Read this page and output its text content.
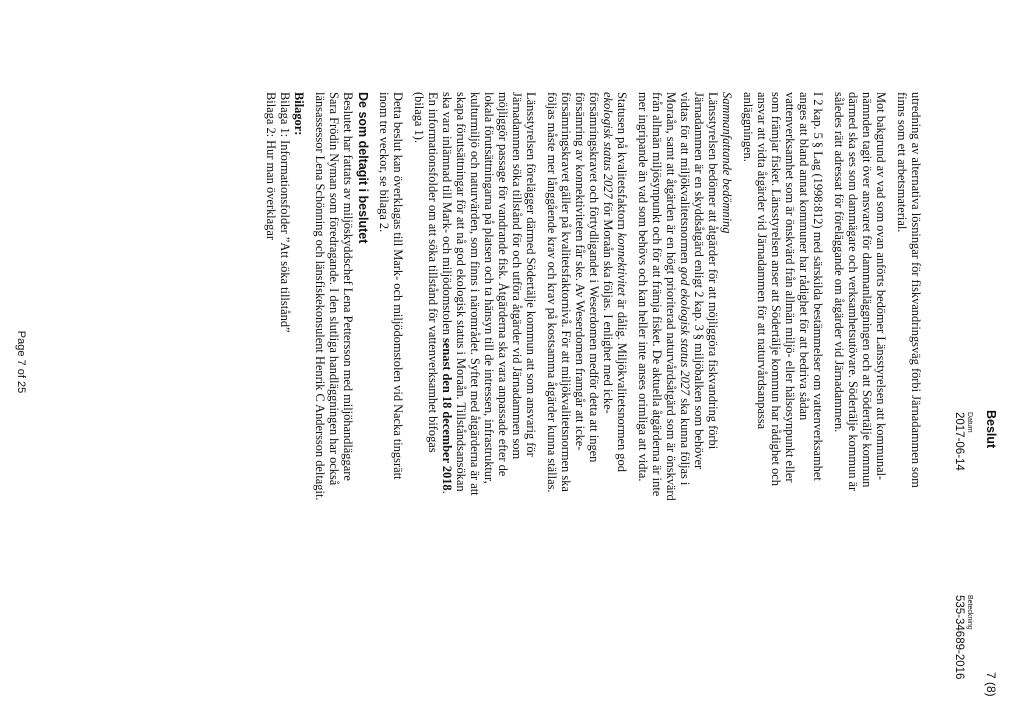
Beslut
Datum
2017-06-14
Beteckning
535-34689-2016
7 (8)

utredning av alternativa lösningar för fiskvandringsväg förbi Järnadammen som
finns som ett arbetsmaterial.

Mot bakgrund av vad som ovan anförts bedömer Länsstyrelsen att kommunal-
nämnden tagit över ansvaret för dammanläggningen och att Södertälje kommun
därmed ska ses som dammägare och verksamhetsutövare. Södertälje kommun är
således rätt adressat för föreläggande om åtgärder vid Järnadammen.

I 2 kap. 5 § Lag (1998:812) med särskilda bestämmelser om vattenverksamhet
anges att bland annat kommuner har rådighet för att bedriva sådan
vattenverksamhet som är önskvärd från allmän miljö- eller hälsosynpunkt eller
som främjar fisket. Länsstyrelsen anser att Södertälje kommun har rådighet och
ansvar att vidta åtgärder vid Järnadammen för att naturvårdsanpassa
anläggningen.

Sammanfattande bedömning

Länsstyrelsen bedömer att åtgärder för att möjliggöra fiskvandring förbi
Järnadammen är en skyddsåtgärd enligt 2 kap. 3 § miljöbalken som behöver
vidtas för att miljökvalitetsnormen god ekologisk status 2027 ska kunna följas i
Moraån, samt att åtgärden är en högt prioriterad naturvårdsåtgärd som är önskvärd
från allmän miljösynpunkt och för att främja fisket. De aktuella åtgärderna är inte
mer ingripande än vad som behövs och kan heller inte anses orimliga att vidta.

Statusen på kvalitetsfaktorn konnektivitet är dålig. Miljökvalitetsnormen god
ekologisk status 2027 för Moraån ska följas. I enlighet med icke-
försämringskravet och förtydligandet i Weserdomen medför detta att ingen
försämring av konnektiviteten får ske. Av Weserdomen framgår att icke-
försämringskravet gäller på kvalitetsfaktornivå. För att miljökvalitetsnormen ska
följas måste mer långgående krav och krav på kostsamma åtgärder kunna ställas.

Länsstyrelsen förelägger därmed Södertälje kommun att som ansvarig för
Järnadammen söka tillstånd för och utföra åtgärder vid Järnadammen som
möjliggör passage för vandrande fisk. Åtgärderna ska vara anpassade efter de
lokala förutsättningarna på platsen och ta hänsyn till de intressen, infrastruktur,
kulturmiljö och naturvärden, som finns i närområdet. Syftet med åtgärderna är att
skapa förutsättningar för att nå god ekologisk status i Moraån. Tillståndsansökan
ska vara inlämnad till Mark- och miljödomstolen senast den 18 december 2018.
En informationsfolder om att söka tillstånd för vattenverksamhet bifogas
(bilaga 1).

Detta beslut kan överklagas till Mark- och miljödomstolen vid Nacka tingsrätt
inom tre veckor, se bilaga 2.

De som deltagit i beslutet

Beslutet har fattats av miljöskyddschef Lena Pettersson med miljöhandläggare
Sara Frödin Nyman som föredragande. I den slutliga handläggningen har också
länsassessor Lena Schönning och länsfiskekonsulent Henrik C Andersson deltagit.

Bilagor:
Bilaga 1: Informationsfolder ”Att söka tillstånd”
Bilaga 2: Hur man överklagar
Page 7 of 25
